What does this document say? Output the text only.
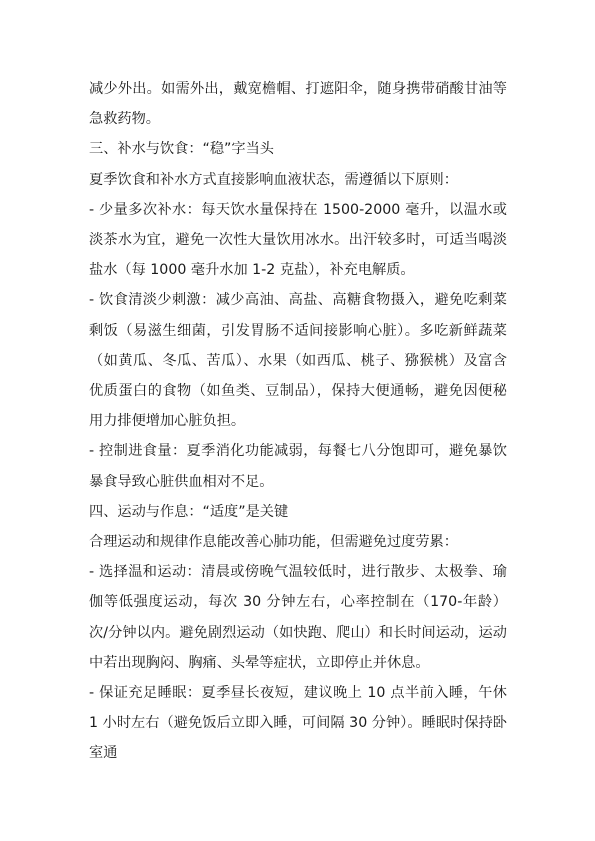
减少外出。如需外出，戴宽檐帽、打遮阳伞，随身携带硝酸甘油等急救药物。

三、补水与饮食：“稳”字当头

夏季饮食和补水方式直接影响血液状态，需遵循以下原则：

- 少量多次补水：每天饮水量保持在 1500-2000 毫升，以温水或淡茶水为宜，避免一次性大量饮用冰水。出汗较多时，可适当喝淡盐水（每 1000 毫升水加 1-2 克盐），补充电解质。

- 饮食清淡少刺激：减少高油、高盐、高糖食物摄入，避免吃剩菜剩饭（易滋生细菌，引发胃肠不适间接影响心脏）。多吃新鲜蔬菜（如黄瓜、冬瓜、苦瓜）、水果（如西瓜、桃子、猕猴桃）及富含优质蛋白的食物（如鱼类、豆制品），保持大便通畅，避免因便秘用力排便增加心脏负担。

- 控制进食量：夏季消化功能减弱，每餐七八分饱即可，避免暴饮暴食导致心脏供血相对不足。

四、运动与作息：“适度”是关键

合理运动和规律作息能改善心肺功能，但需避免过度劳累：

- 选择温和运动：清晨或傍晚气温较低时，进行散步、太极拳、瑜伽等低强度运动，每次 30 分钟左右，心率控制在（170-年龄）次/分钟以内。避免剧烈运动（如快跑、爬山）和长时间运动，运动中若出现胸闷、胸痛、头晕等症状，立即停止并休息。

- 保证充足睡眠：夏季昼长夜短，建议晚上 10 点半前入睡，午休 1 小时左右（避免饭后立即入睡，可间隔 30 分钟）。睡眠时保持卧室通
